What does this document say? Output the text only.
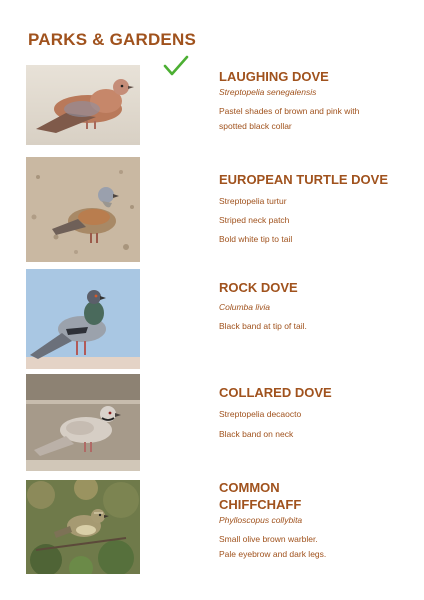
PARKS & GARDENS
LAUGHING DOVE
Streptopelia senegalensis
Pastel shades of brown and pink with
spotted black collar
EUROPEAN TURTLE DOVE
Streptopelia turtur
Striped neck patch
Bold white tip to tail
ROCK DOVE
Columba livia
Black band at tip of tail.
COLLARED DOVE
Streptopelia decaocto
Black band on neck
COMMON
CHIFFCHAFF
Phylloscopus collybita
Small olive brown warbler.
Pale eyebrow and dark legs.
